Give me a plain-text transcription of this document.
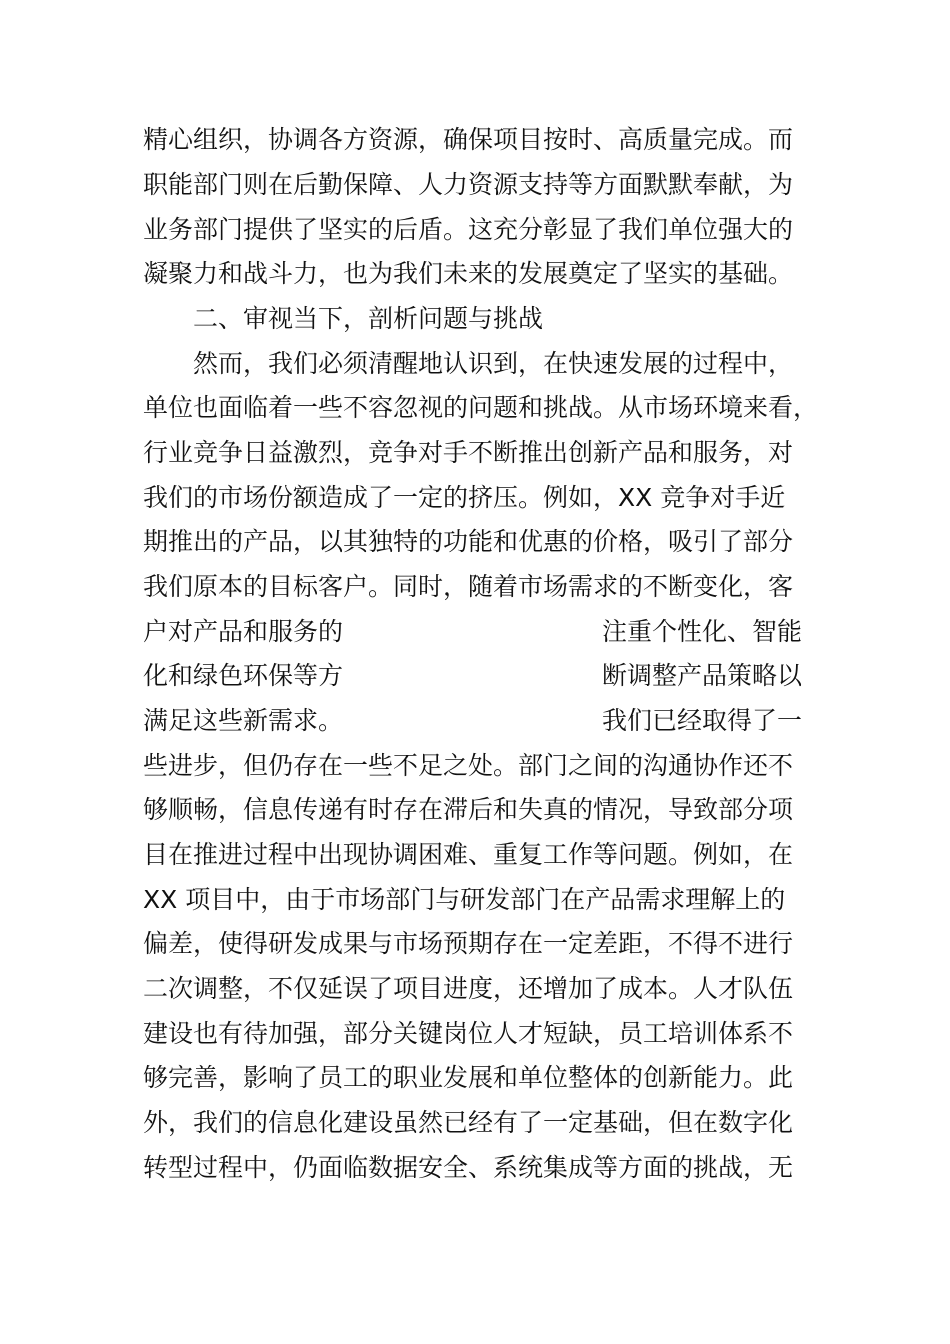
精心组织，协调各方资源，确保项目按时、高质量完成。而
职能部门则在后勤保障、人力资源支持等方面默默奉献，为
业务部门提供了坚实的后盾。这充分彰显了我们单位强大的
凝聚力和战斗力，也为我们未来的发展奠定了坚实的基础。
二、审视当下，剖析问题与挑战
然而，我们必须清醒地认识到，在快速发展的过程中，
单位也面临着一些不容忽视的问题和挑战。从市场环境来看，
行业竞争日益激烈，竞争对手不断推出创新产品和服务，对
我们的市场份额造成了一定的挤压。例如，XX 竞争对手近
期推出的产品，以其独特的功能和优惠的价格，吸引了部分
我们原本的目标客户。同时，随着市场需求的不断变化，客
户对产品和服务的	注重个性化、智能
化和绿色环保等方	断调整产品策略以
满足这些新需求。	我们已经取得了一
些进步，但仍存在一些不足之处。部门之间的沟通协作还不
够顺畅，信息传递有时存在滞后和失真的情况，导致部分项
目在推进过程中出现协调困难、重复工作等问题。例如，在
XX 项目中，由于市场部门与研发部门在产品需求理解上的
偏差，使得研发成果与市场预期存在一定差距，不得不进行
二次调整，不仅延误了项目进度，还增加了成本。人才队伍
建设也有待加强，部分关键岗位人才短缺，员工培训体系不
够完善，影响了员工的职业发展和单位整体的创新能力。此
外，我们的信息化建设虽然已经有了一定基础，但在数字化
转型过程中，仍面临数据安全、系统集成等方面的挑战，无
